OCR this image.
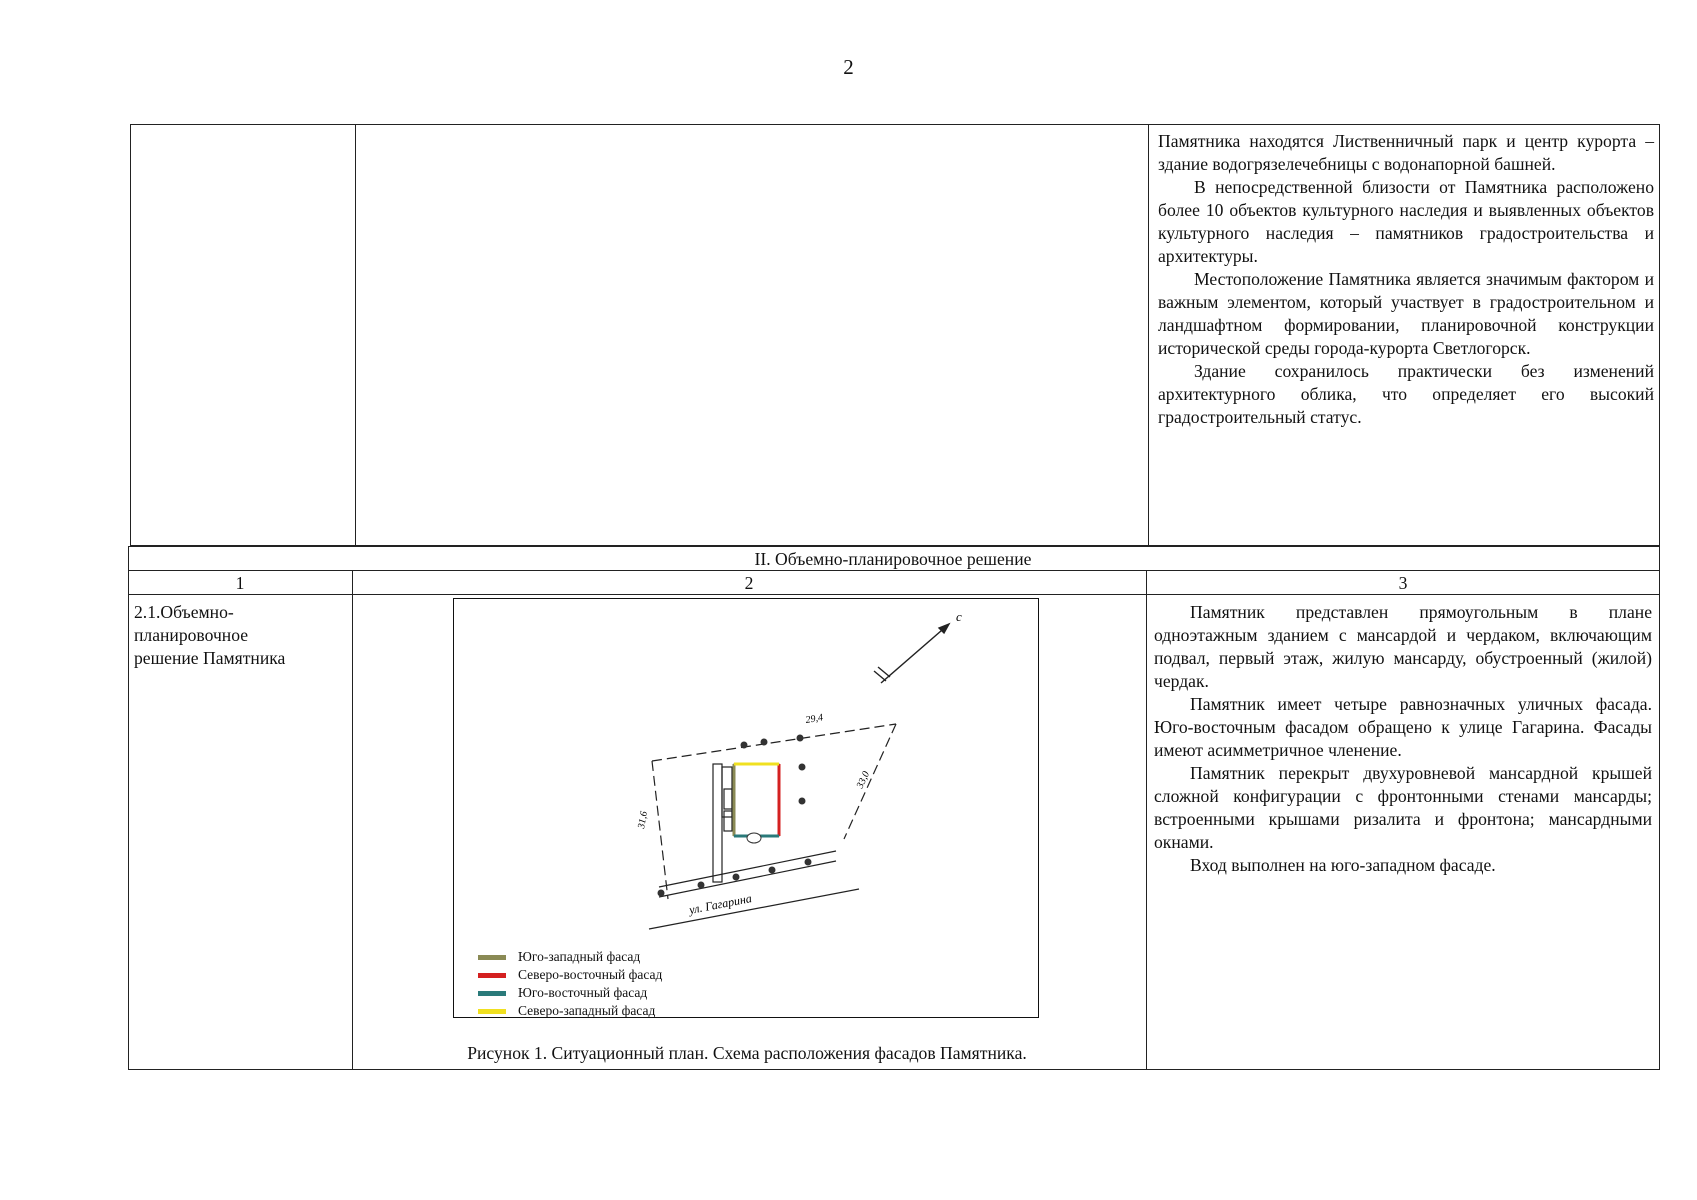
2

Памятника находятся Лиственничный парк и центр курорта – здание водогрязелечебницы с водонапорной башней.

В непосредственной близости от Памятника расположено более 10 объектов культурного наследия и выявленных объектов культурного наследия – памятников градостроительства и архитектуры.

Местоположение Памятника является значимым фактором и важным элементом, который участвует в градостроительном и ландшафтном формировании, планировочной конструкции исторической среды города-курорта Светлогорск.

Здание сохранилось практически без изменений архитектурного облика, что определяет его высокий градостроительный статус.

II. Объемно-планировочное решение
1	2	3
2.1.Объемно-
планировочное
решение Памятника

Памятник представлен прямоугольным в плане одноэтажным зданием с мансардой и чердаком, включающим подвал, первый этаж, жилую мансарду, обустроенный (жилой) чердак.

Памятник имеет четыре равнозначных уличных фасада. Юго-восточным фасадом обращено к улице Гагарина. Фасады имеют асимметричное членение.

Памятник перекрыт двухуровневой мансардной крышей сложной конфигурации с фронтонными стенами мансарды; встроенными крышами ризалита и фронтона; мансардными окнами.

Вход выполнен на юго-западном фасаде.

с
29,4
33,0
31,6
ул. Гагарина
Юго-западный фасад
Северо-восточный фасад
Юго-восточный фасад
Северо-западный фасад
Рисунок 1. Ситуационный план. Схема расположения фасадов Памятника.
